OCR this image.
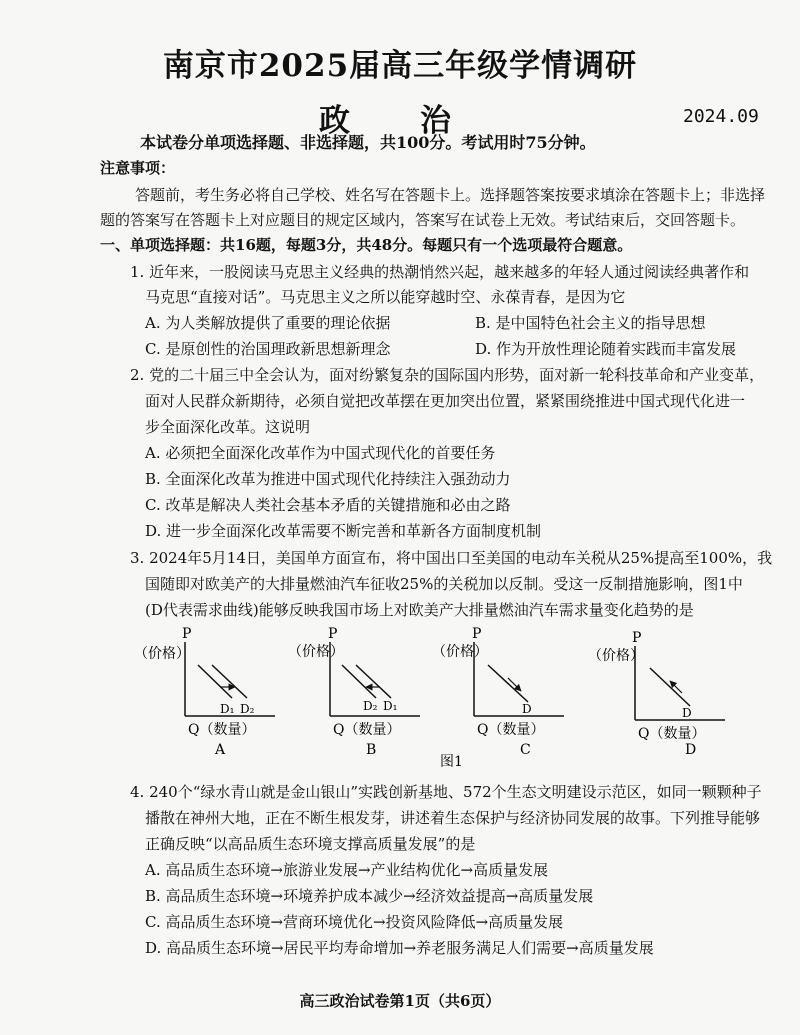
南京市2025届高三年级学情调研
政治	2024.09
本试卷分单项选择题、非选择题，共100分。考试用时75分钟。
注意事项：
答题前，考生务必将自己学校、姓名写在答题卡上。选择题答案按要求填涂在答题卡上；非选择
题的答案写在答题卡上对应题目的规定区域内，答案写在试卷上无效。考试结束后，交回答题卡。
一、单项选择题：共16题，每题3分，共48分。每题只有一个选项最符合题意。
1. 近年来，一股阅读马克思主义经典的热潮悄然兴起，越来越多的年轻人通过阅读经典著作和
马克思“直接对话”。马克思主义之所以能穿越时空、永葆青春，是因为它
A. 为人类解放提供了重要的理论依据	B. 是中国特色社会主义的指导思想
C. 是原创性的治国理政新思想新理念	D. 作为开放性理论随着实践而丰富发展
2. 党的二十届三中全会认为，面对纷繁复杂的国际国内形势，面对新一轮科技革命和产业变革，
面对人民群众新期待，必须自觉把改革摆在更加突出位置，紧紧围绕推进中国式现代化进一
步全面深化改革。这说明
A. 必须把全面深化改革作为中国式现代化的首要任务
B. 全面深化改革为推进中国式现代化持续注入强劲动力
C. 改革是解决人类社会基本矛盾的关键措施和必由之路
D. 进一步全面深化改革需要不断完善和革新各方面制度机制
3. 2024年5月14日，美国单方面宣布，将中国出口至美国的电动车关税从25%提高至100%，我
国随即对欧美产的大排量燃油汽车征收25%的关税加以反制。受这一反制措施影响，图1中
(D代表需求曲线)能够反映我国市场上对欧美产大排量燃油汽车需求量变化趋势的是
P
（价格）
D₁ D₂
Q（数量）
A
P
（价格）
D₂ D₁
Q（数量）
B
P
（价格）
D
Q（数量）
C
P
（价格）
D
Q（数量）
D
图1
4. 240个“绿水青山就是金山银山”实践创新基地、572个生态文明建设示范区，如同一颗颗种子
播散在神州大地，正在不断生根发芽，讲述着生态保护与经济协同发展的故事。下列推导能够
正确反映“以高品质生态环境支撑高质量发展”的是
A. 高品质生态环境→旅游业发展→产业结构优化→高质量发展
B. 高品质生态环境→环境养护成本减少→经济效益提高→高质量发展
C. 高品质生态环境→营商环境优化→投资风险降低→高质量发展
D. 高品质生态环境→居民平均寿命增加→养老服务满足人们需要→高质量发展
高三政治试卷第1页（共6页）
